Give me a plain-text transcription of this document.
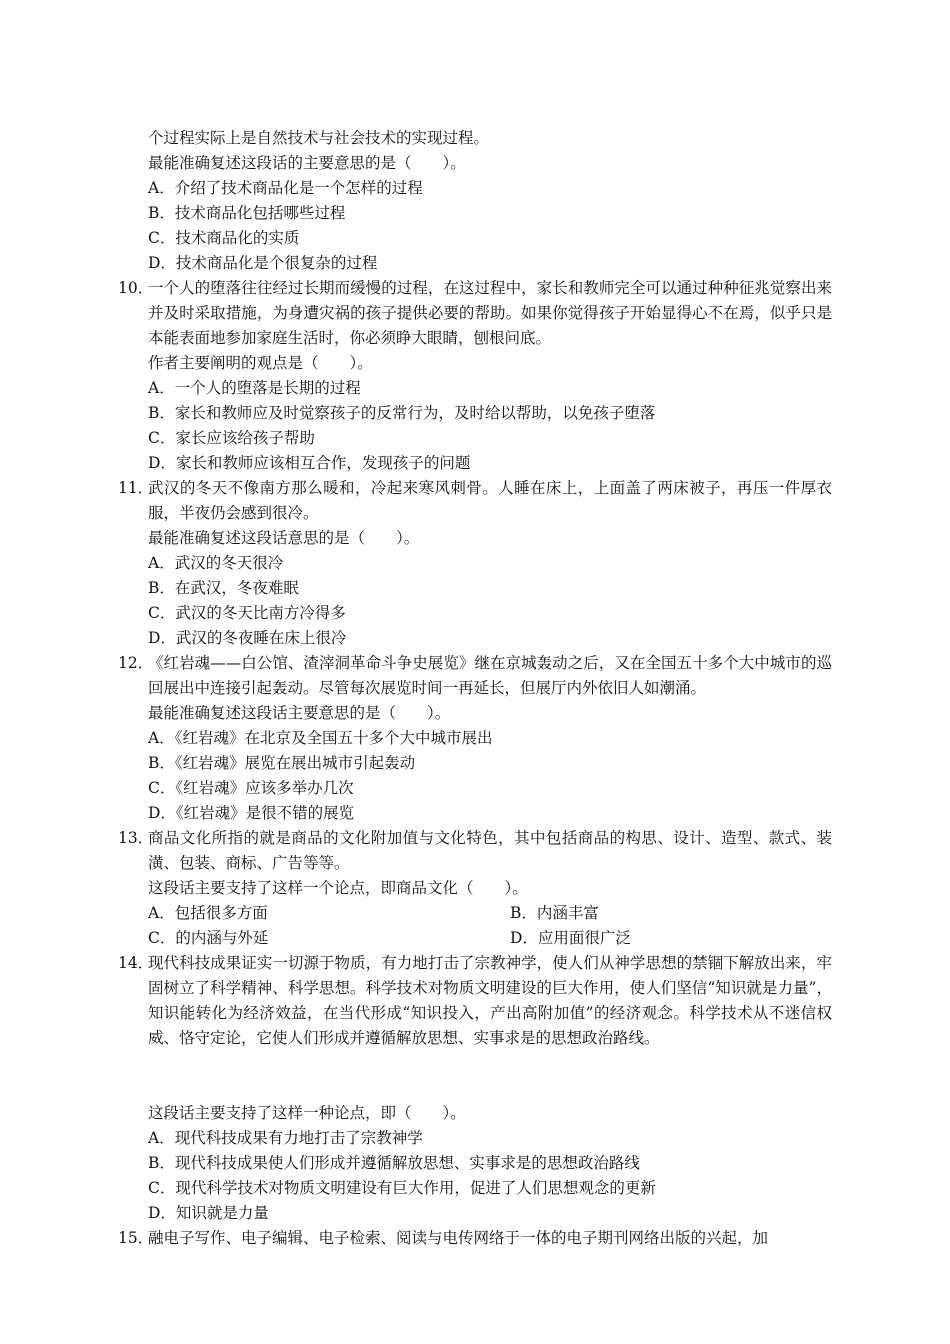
个过程实际上是自然技术与社会技术的实现过程。
最能准确复述这段话的主要意思的是（　　）。
A．介绍了技术商品化是一个怎样的过程
B．技术商品化包括哪些过程
C．技术商品化的实质
D．技术商品化是个很复杂的过程
10．
一个人的堕落往往经过长期而缓慢的过程，在这过程中，家长和教师完全可以通过种种征兆觉察出来并及时采取措施，为身遭灾祸的孩子提供必要的帮助。如果你觉得孩子开始显得心不在焉，似乎只是本能表面地参加家庭生活时，你必须睁大眼睛，刨根问底。
作者主要阐明的观点是（　　）。
A．一个人的堕落是长期的过程
B．家长和教师应及时觉察孩子的反常行为，及时给以帮助，以免孩子堕落
C．家长应该给孩子帮助
D．家长和教师应该相互合作，发现孩子的问题
11．
武汉的冬天不像南方那么暖和，冷起来寒风刺骨。人睡在床上，上面盖了两床被子，再压一件厚衣服，半夜仍会感到很冷。
最能准确复述这段话意思的是（　　）。
A．武汉的冬天很冷
B．在武汉，冬夜难眠
C．武汉的冬天比南方冷得多
D．武汉的冬夜睡在床上很冷
12．
《红岩魂——白公馆、渣滓洞革命斗争史展览》继在京城轰动之后，又在全国五十多个大中城市的巡回展出中连接引起轰动。尽管每次展览时间一再延长，但展厅内外依旧人如潮涌。
最能准确复述这段话主要意思的是（　　）。
A．《红岩魂》在北京及全国五十多个大中城市展出
B．《红岩魂》展览在展出城市引起轰动
C．《红岩魂》应该多举办几次
D．《红岩魂》是很不错的展览
13．
商品文化所指的就是商品的文化附加值与文化特色，其中包括商品的构思、设计、造型、款式、装潢、包装、商标、广告等等。
这段话主要支持了这样一个论点，即商品文化（　　）。
A．包括很多方面	B．内涵丰富
C．的内涵与外延	D．应用面很广泛
14．
现代科技成果证实一切源于物质，有力地打击了宗教神学，使人们从神学思想的禁锢下解放出来，牢固树立了科学精神、科学思想。科学技术对物质文明建设的巨大作用，使人们坚信“知识就是力量”，知识能转化为经济效益，在当代形成“知识投入，产出高附加值”的经济观念。科学技术从不迷信权威、恪守定论，它使人们形成并遵循解放思想、实事求是的思想政治路线。
这段话主要支持了这样一种论点，即（　　）。
A．现代科技成果有力地打击了宗教神学
B．现代科技成果使人们形成并遵循解放思想、实事求是的思想政治路线
C．现代科学技术对物质文明建设有巨大作用，促进了人们思想观念的更新
D．知识就是力量
15．
融电子写作、电子编辑、电子检索、阅读与电传网络于一体的电子期刊网络出版的兴起，加
